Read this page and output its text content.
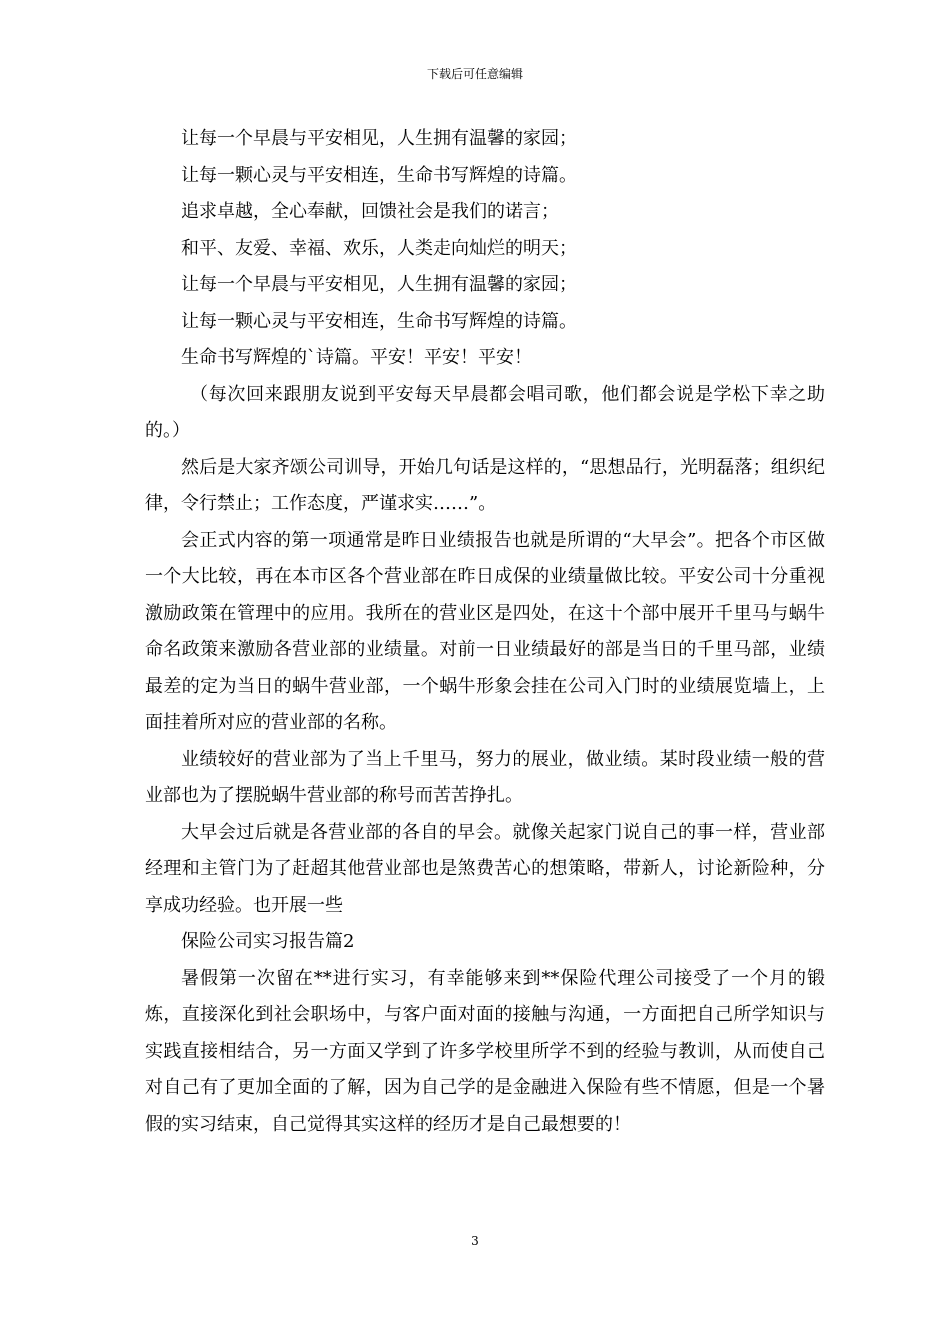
下载后可任意编辑

让每一个早晨与平安相见，人生拥有温馨的家园；

让每一颗心灵与平安相连，生命书写辉煌的诗篇。

追求卓越，全心奉献，回馈社会是我们的诺言；

和平、友爱、幸福、欢乐，人类走向灿烂的明天；

让每一个早晨与平安相见，人生拥有温馨的家园；

让每一颗心灵与平安相连，生命书写辉煌的诗篇。

生命书写辉煌的`诗篇。平安！平安！平安！

（每次回来跟朋友说到平安每天早晨都会唱司歌，他们都会说是学松下幸之助的。）

然后是大家齐颂公司训导，开始几句话是这样的，“思想品行，光明磊落；组织纪律，令行禁止；工作态度，严谨求实……”。

会正式内容的第一项通常是昨日业绩报告也就是所谓的“大早会”。把各个市区做一个大比较，再在本市区各个营业部在昨日成保的业绩量做比较。平安公司十分重视激励政策在管理中的应用。我所在的营业区是四处，在这十个部中展开千里马与蜗牛命名政策来激励各营业部的业绩量。对前一日业绩最好的部是当日的千里马部，业绩最差的定为当日的蜗牛营业部，一个蜗牛形象会挂在公司入门时的业绩展览墙上，上面挂着所对应的营业部的名称。

业绩较好的营业部为了当上千里马，努力的展业，做业绩。某时段业绩一般的营业部也为了摆脱蜗牛营业部的称号而苦苦挣扎。

大早会过后就是各营业部的各自的早会。就像关起家门说自己的事一样，营业部经理和主管门为了赶超其他营业部也是煞费苦心的想策略，带新人，讨论新险种，分享成功经验。也开展一些

保险公司实习报告篇2

暑假第一次留在**进行实习，有幸能够来到**保险代理公司接受了一个月的锻炼，直接深化到社会职场中，与客户面对面的接触与沟通，一方面把自己所学知识与实践直接相结合，另一方面又学到了许多学校里所学不到的经验与教训，从而使自己对自己有了更加全面的了解，因为自己学的是金融进入保险有些不情愿，但是一个暑假的实习结束，自己觉得其实这样的经历才是自己最想要的！

3
